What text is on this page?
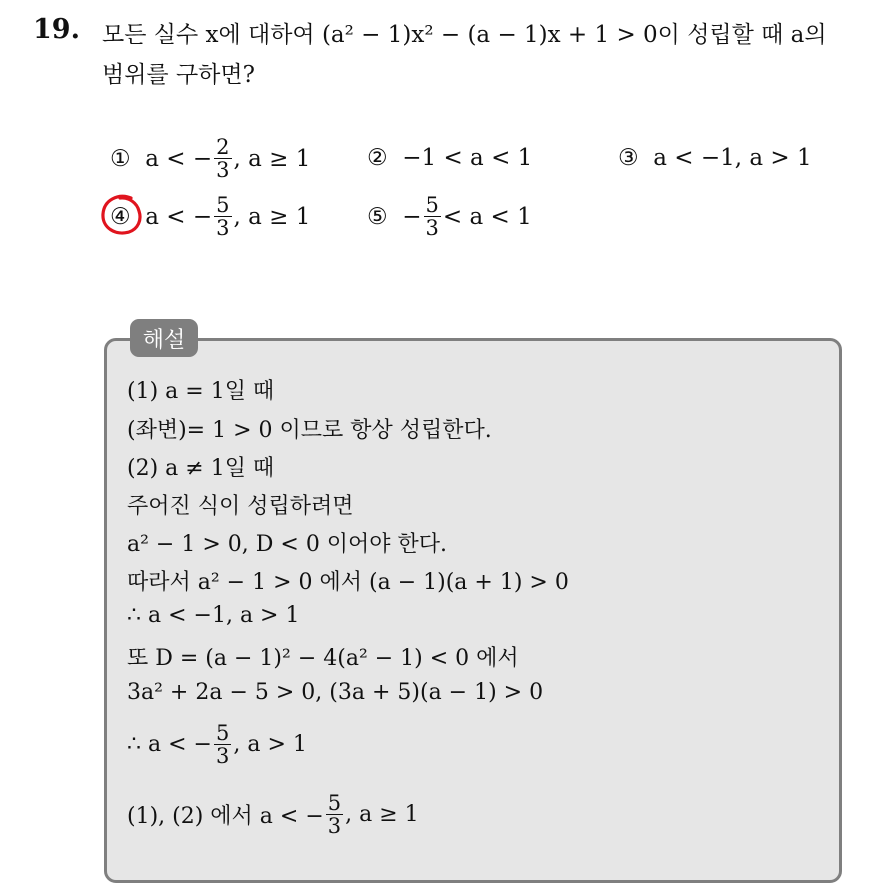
19. 모든 실수 x에 대하여 (a² − 1)x² − (a − 1)x + 1 > 0이 성립할 때 a의
범위를 구하면?
①
a < − $\frac{2}{3}$ , a ≥ 1 ②
−1 < a < 1	③
a < −1, a > 1
④
a < − $\frac{5}{3}$ , a ≥ 1 ⑤
− $\frac{5}{3} < a < 1$
해설
(1) a = 1일 때
(좌변)= 1 > 0 이므로 항상 성립한다.
(2) a ≠ 1일 때
주어진 식이 성립하려면
a² − 1 > 0, D < 0 이어야 한다.
따라서 a² − 1 > 0 에서 (a − 1)(a + 1) > 0
∴ a < −1, a > 1
또 D = (a − 1)² − 4(a² − 1) < 0 에서
3a² + 2a − 5 > 0, (3a + 5)(a − 1) > 0
∴ a < − $\frac{5}{3}$ , a > 1
(1), (2) 에서 a < − $\frac{5}{3}$ , a ≥ 1
